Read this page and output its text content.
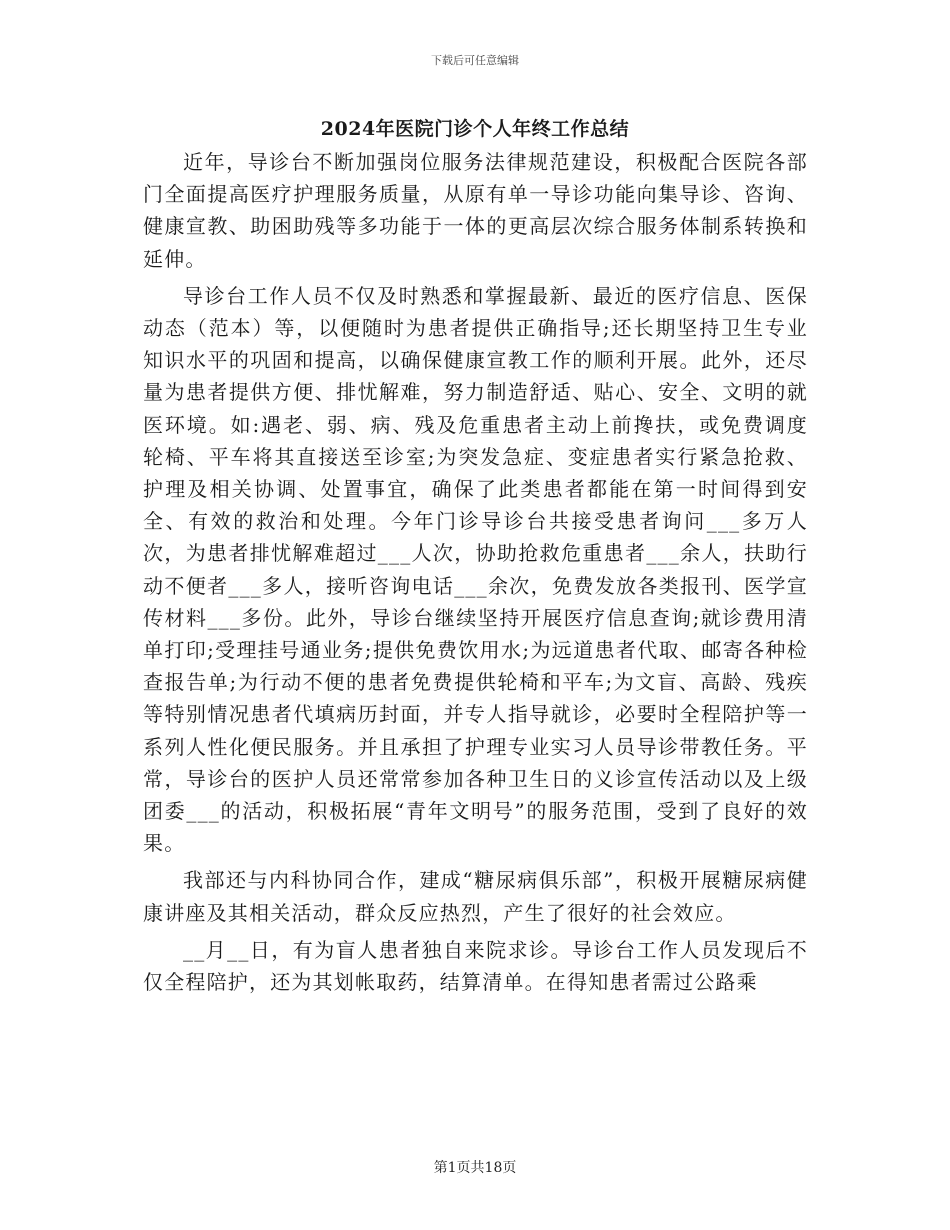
下载后可任意编辑
2024年医院门诊个人年终工作总结

近年，导诊台不断加强岗位服务法律规范建设，积极配合医院各部门全面提高医疗护理服务质量，从原有单一导诊功能向集导诊、咨询、健康宣教、助困助残等多功能于一体的更高层次综合服务体制系转换和延伸。

导诊台工作人员不仅及时熟悉和掌握最新、最近的医疗信息、医保动态（范本）等，以便随时为患者提供正确指导;还长期坚持卫生专业知识水平的巩固和提高，以确保健康宣教工作的顺利开展。此外，还尽量为患者提供方便、排忧解难，努力制造舒适、贴心、安全、文明的就医环境。如:遇老、弱、病、残及危重患者主动上前搀扶，或免费调度轮椅、平车将其直接送至诊室;为突发急症、变症患者实行紧急抢救、护理及相关协调、处置事宜，确保了此类患者都能在第一时间得到安全、有效的救治和处理。今年门诊导诊台共接受患者询问___多万人次，为患者排忧解难超过___人次，协助抢救危重患者___余人，扶助行动不便者___多人，接听咨询电话___余次，免费发放各类报刊、医学宣传材料___多份。此外，导诊台继续坚持开展医疗信息查询;就诊费用清单打印;受理挂号通业务;提供免费饮用水;为远道患者代取、邮寄各种检查报告单;为行动不便的患者免费提供轮椅和平车;为文盲、高龄、残疾等特别情况患者代填病历封面，并专人指导就诊，必要时全程陪护等一系列人性化便民服务。并且承担了护理专业实习人员导诊带教任务。平常，导诊台的医护人员还常常参加各种卫生日的义诊宣传活动以及上级团委___的活动，积极拓展“青年文明号”的服务范围，受到了良好的效果。

我部还与内科协同合作，建成“糖尿病俱乐部”，积极开展糖尿病健康讲座及其相关活动，群众反应热烈，产生了很好的社会效应。

__月__日，有为盲人患者独自来院求诊。导诊台工作人员发现后不仅全程陪护，还为其划帐取药，结算清单。在得知患者需过公路乘

第1页共18页
